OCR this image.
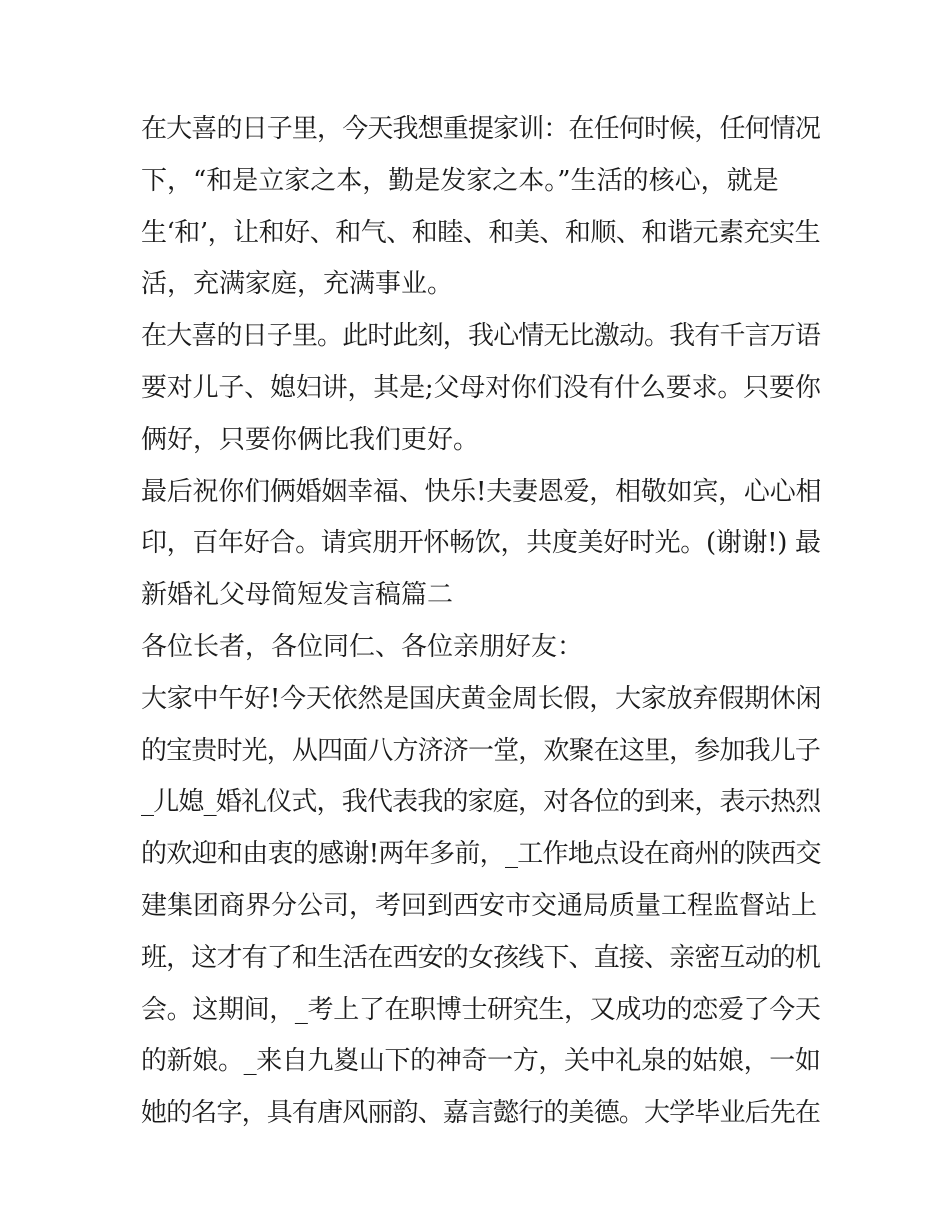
在大喜的日子里，今天我想重提家训：在任何时候，任何情况
下，“和是立家之本，勤是发家之本。”生活的核心，就是
生‘和’，让和好、和气、和睦、和美、和顺、和谐元素充实生
活，充满家庭，充满事业。
在大喜的日子里。此时此刻，我心情无比激动。我有千言万语
要对儿子、媳妇讲，其是;父母对你们没有什么要求。只要你
俩好，只要你俩比我们更好。
最后祝你们俩婚姻幸福、快乐!夫妻恩爱，相敬如宾，心心相
印，百年好合。请宾朋开怀畅饮，共度美好时光。(谢谢!) 最
新婚礼父母简短发言稿篇二
各位长者，各位同仁、各位亲朋好友：
大家中午好!今天依然是国庆黄金周长假，大家放弃假期休闲
的宝贵时光，从四面八方济济一堂，欢聚在这里，参加我儿子
_儿媳_婚礼仪式，我代表我的家庭，对各位的到来，表示热烈
的欢迎和由衷的感谢!两年多前，_工作地点设在商州的陕西交
建集团商界分公司，考回到西安市交通局质量工程监督站上
班，这才有了和生活在西安的女孩线下、直接、亲密互动的机
会。这期间，_考上了在职博士研究生，又成功的恋爱了今天
的新娘。_来自九嵏山下的神奇一方，关中礼泉的姑娘，一如
她的名字，具有唐风丽韵、嘉言懿行的美德。大学毕业后先在
